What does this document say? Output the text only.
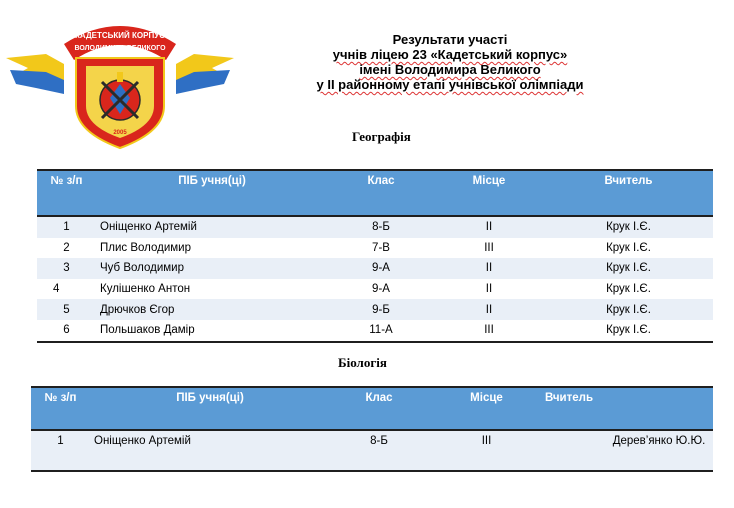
КАДЕТСЬКИЙ КОРПУС
ВОЛОДИМИРА ВЕЛИКОГО
2005
Результати участі
учнів ліцею 23 «Кадетський корпус»
імені Володимира Великого
у ІІ районному етапі учнівської олімпіади
Географія
№ з/п	ПІБ учня(ці)	Клас	Місце	Вчитель
1	Оніщенко Артемій	8-Б	ІІ	Крук І.Є.
2	Плис Володимир	7-В	ІІІ	Крук І.Є.
3	Чуб Володимир	9-А	ІІ	Крук І.Є.
4	Кулішенко Антон	9-А	ІІ	Крук І.Є.
5	Дрючков Єгор	9-Б	ІІ	Крук І.Є.
6	Польшаков Дамір	11-А	ІІІ	Крук І.Є.
Біологія
№ з/п	ПІБ учня(ці)	Клас	Місце	Вчитель
1	Оніщенко Артемій	8-Б	ІІІ	Дерев’янко Ю.Ю.
